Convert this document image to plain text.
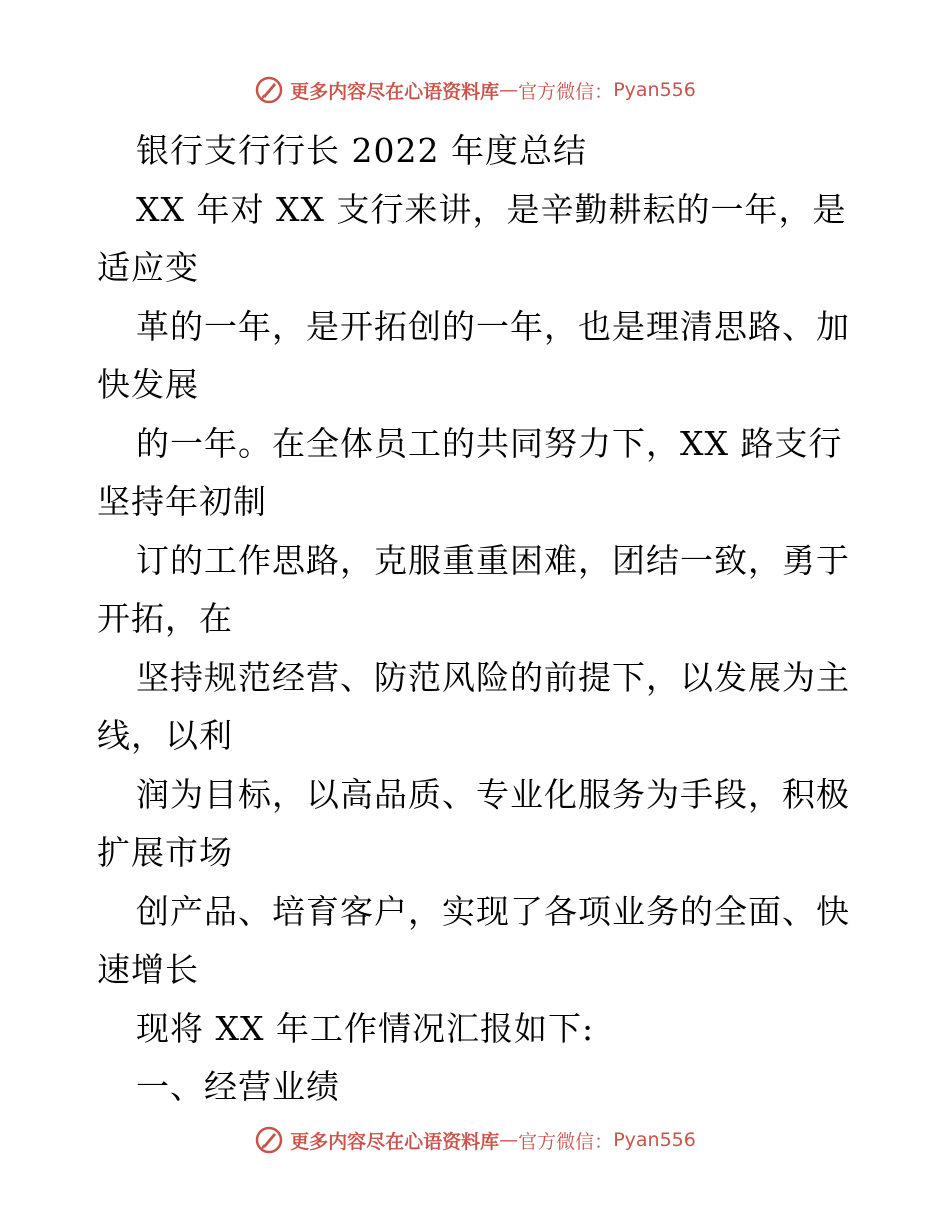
更多内容尽在心语资料库 — 官方微信： Pyan556
银行支行行长 2022 年度总结
XX 年对 XX 支行来讲，是辛勤耕耘的一年，是
适应变
革的一年，是开拓创的一年，也是理清思路、加
快发展
的一年。在全体员工的共同努力下，XX 路支行
坚持年初制
订的工作思路，克服重重困难，团结一致，勇于
开拓，在
坚持规范经营、防范风险的前提下，以发展为主
线，以利
润为目标，以高品质、专业化服务为手段，积极
扩展市场
创产品、培育客户，实现了各项业务的全面、快
速增长
现将 XX 年工作情况汇报如下:
一、经营业绩
更多内容尽在心语资料库 — 官方微信： Pyan556
